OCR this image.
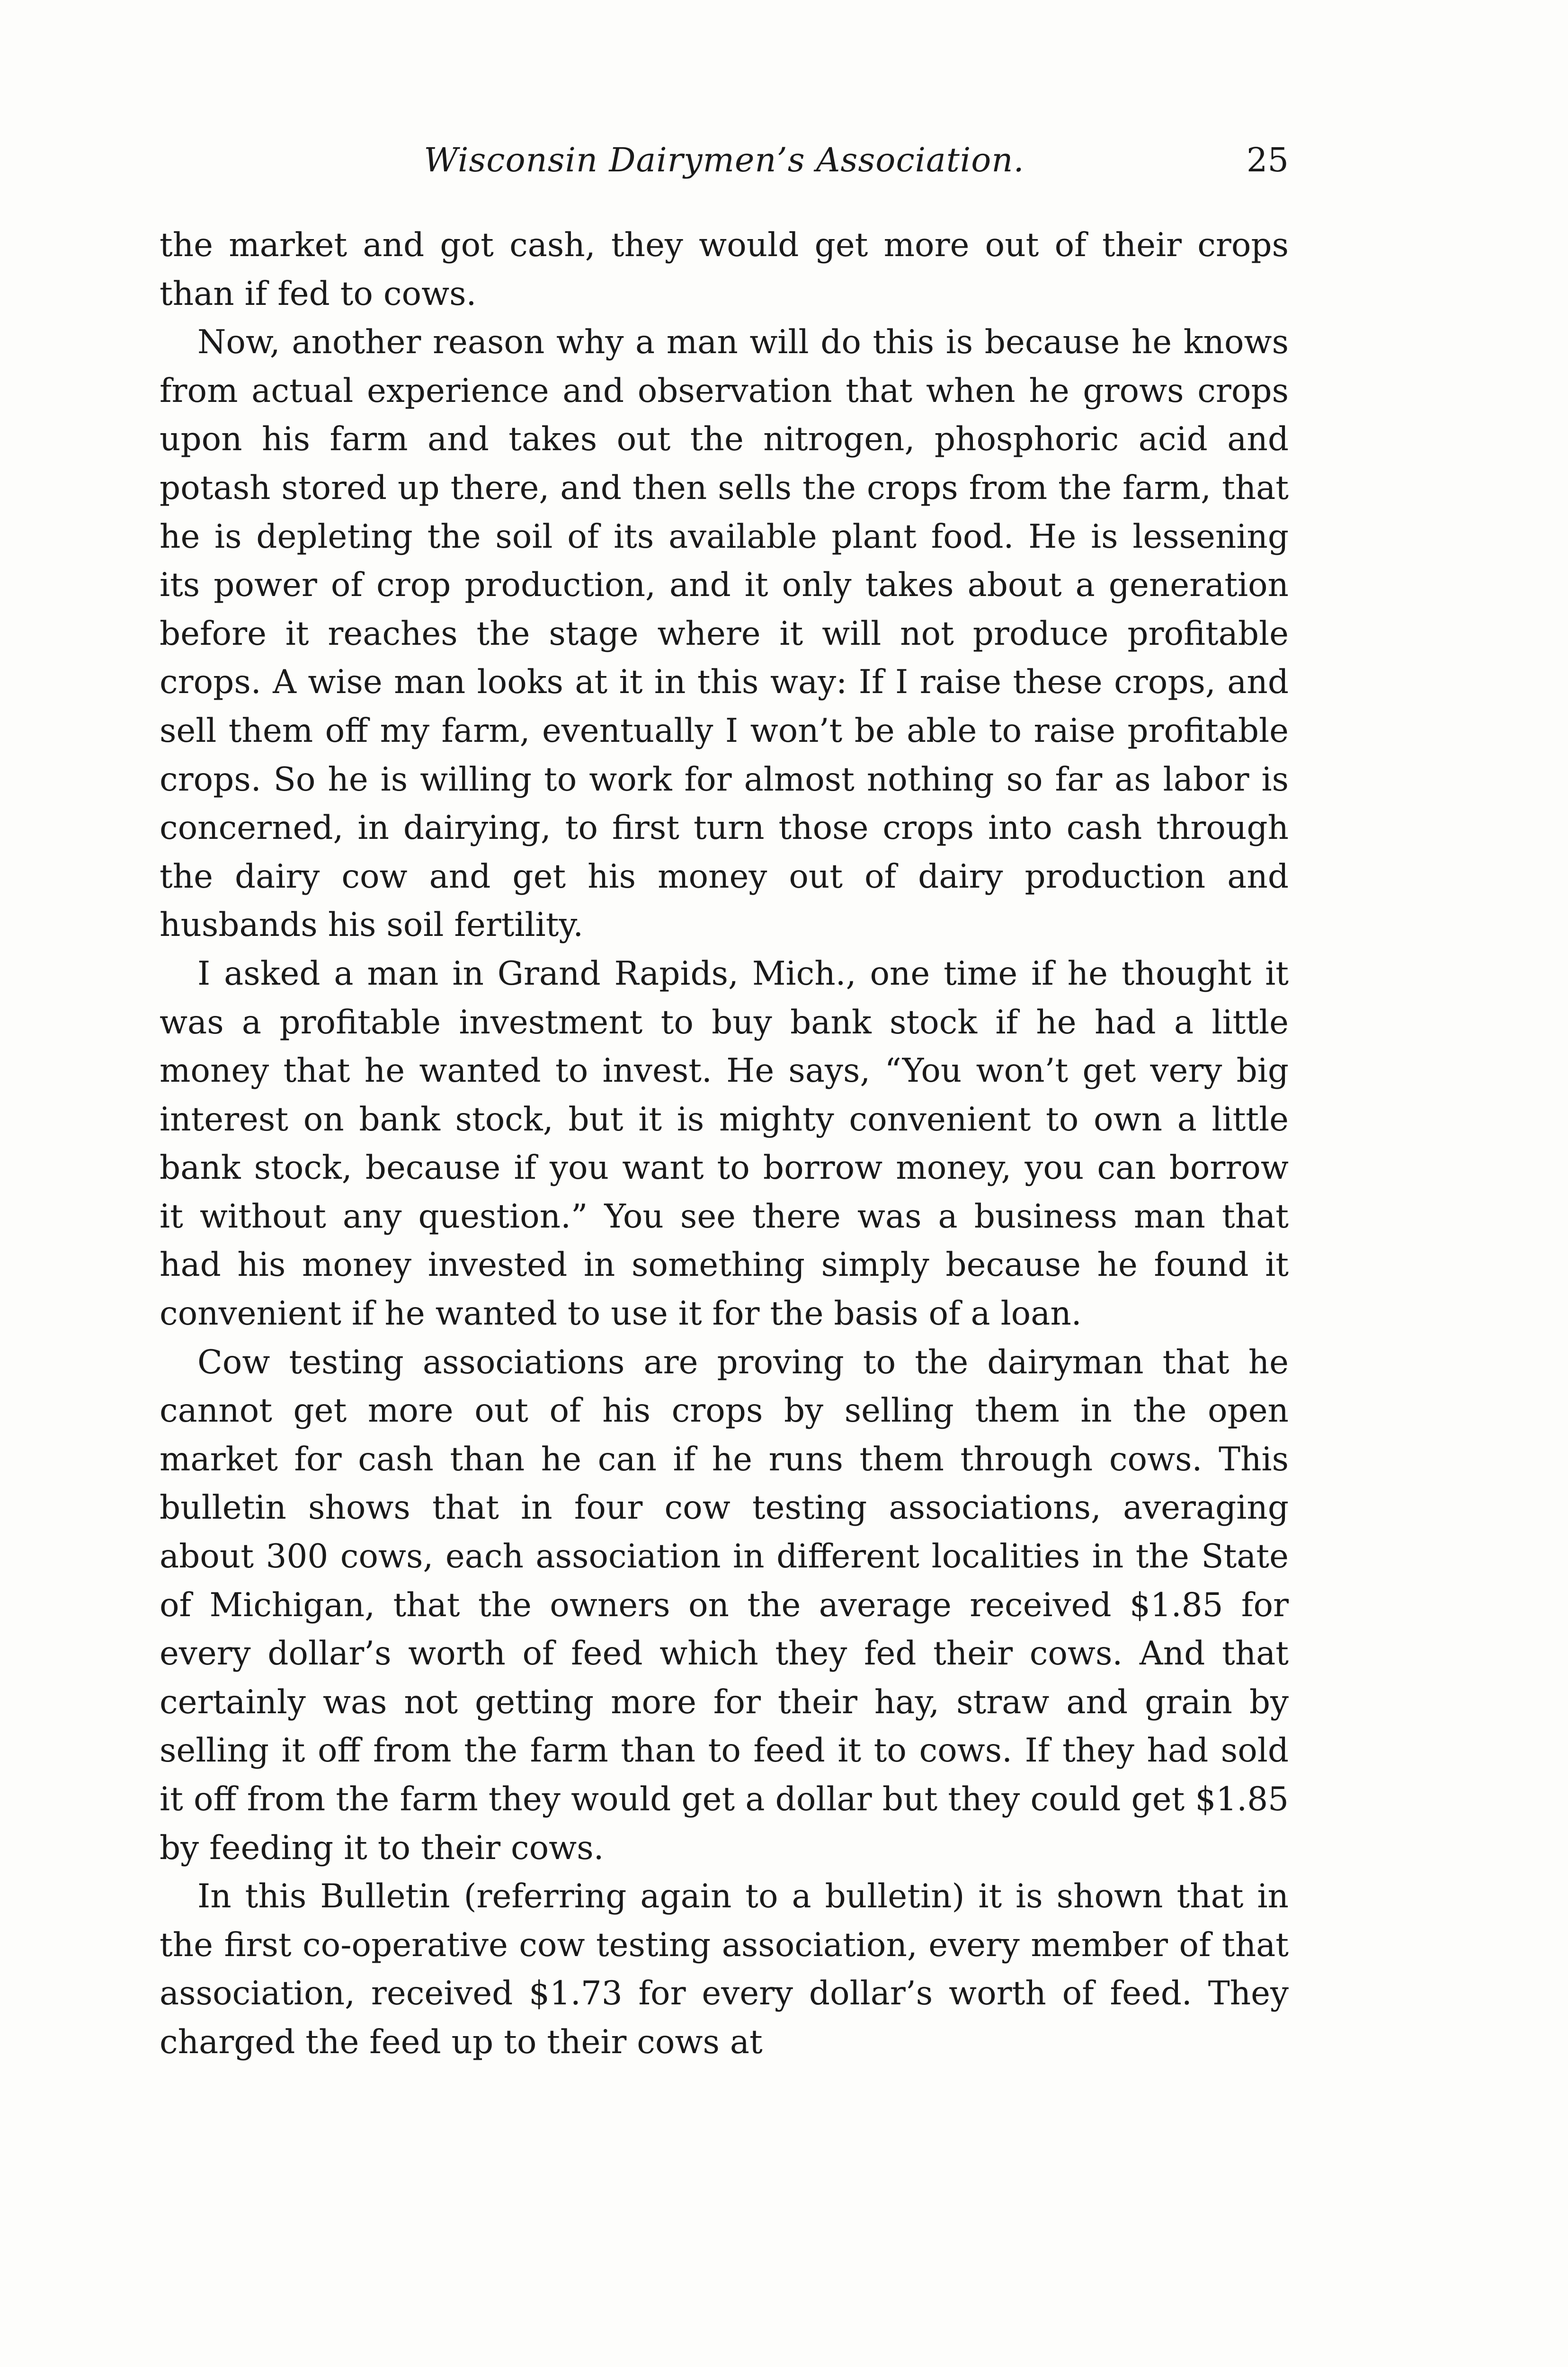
Wisconsin Dairymen’s Association.	25

the market and got cash, they would get more out of their crops than if fed to cows.

Now, another reason why a man will do this is because he knows from actual experience and observation that when he grows crops upon his farm and takes out the nitrogen, phosphoric acid and potash stored up there, and then sells the crops from the farm, that he is depleting the soil of its available plant food. He is lessening its power of crop production, and it only takes about a generation before it reaches the stage where it will not produce profitable crops. A wise man looks at it in this way: If I raise these crops, and sell them off my farm, eventually I won’t be able to raise profitable crops. So he is willing to work for almost nothing so far as labor is concerned, in dairying, to first turn those crops into cash through the dairy cow and get his money out of dairy production and husbands his soil fertility.

I asked a man in Grand Rapids, Mich., one time if he thought it was a profitable investment to buy bank stock if he had a little money that he wanted to invest. He says, “You won’t get very big interest on bank stock, but it is mighty convenient to own a little bank stock, because if you want to borrow money, you can borrow it without any question.” You see there was a business man that had his money invested in something simply because he found it convenient if he wanted to use it for the basis of a loan.

Cow testing associations are proving to the dairyman that he cannot get more out of his crops by selling them in the open market for cash than he can if he runs them through cows. This bulletin shows that in four cow testing associations, averaging about 300 cows, each association in different localities in the State of Michigan, that the owners on the average received $1.85 for every dollar’s worth of feed which they fed their cows. And that certainly was not getting more for their hay, straw and grain by selling it off from the farm than to feed it to cows. If they had sold it off from the farm they would get a dollar but they could get $1.85 by feeding it to their cows.

In this Bulletin (referring again to a bulletin) it is shown that in the first co-operative cow testing association, every member of that association, received $1.73 for every dollar’s worth of feed. They charged the feed up to their cows at
